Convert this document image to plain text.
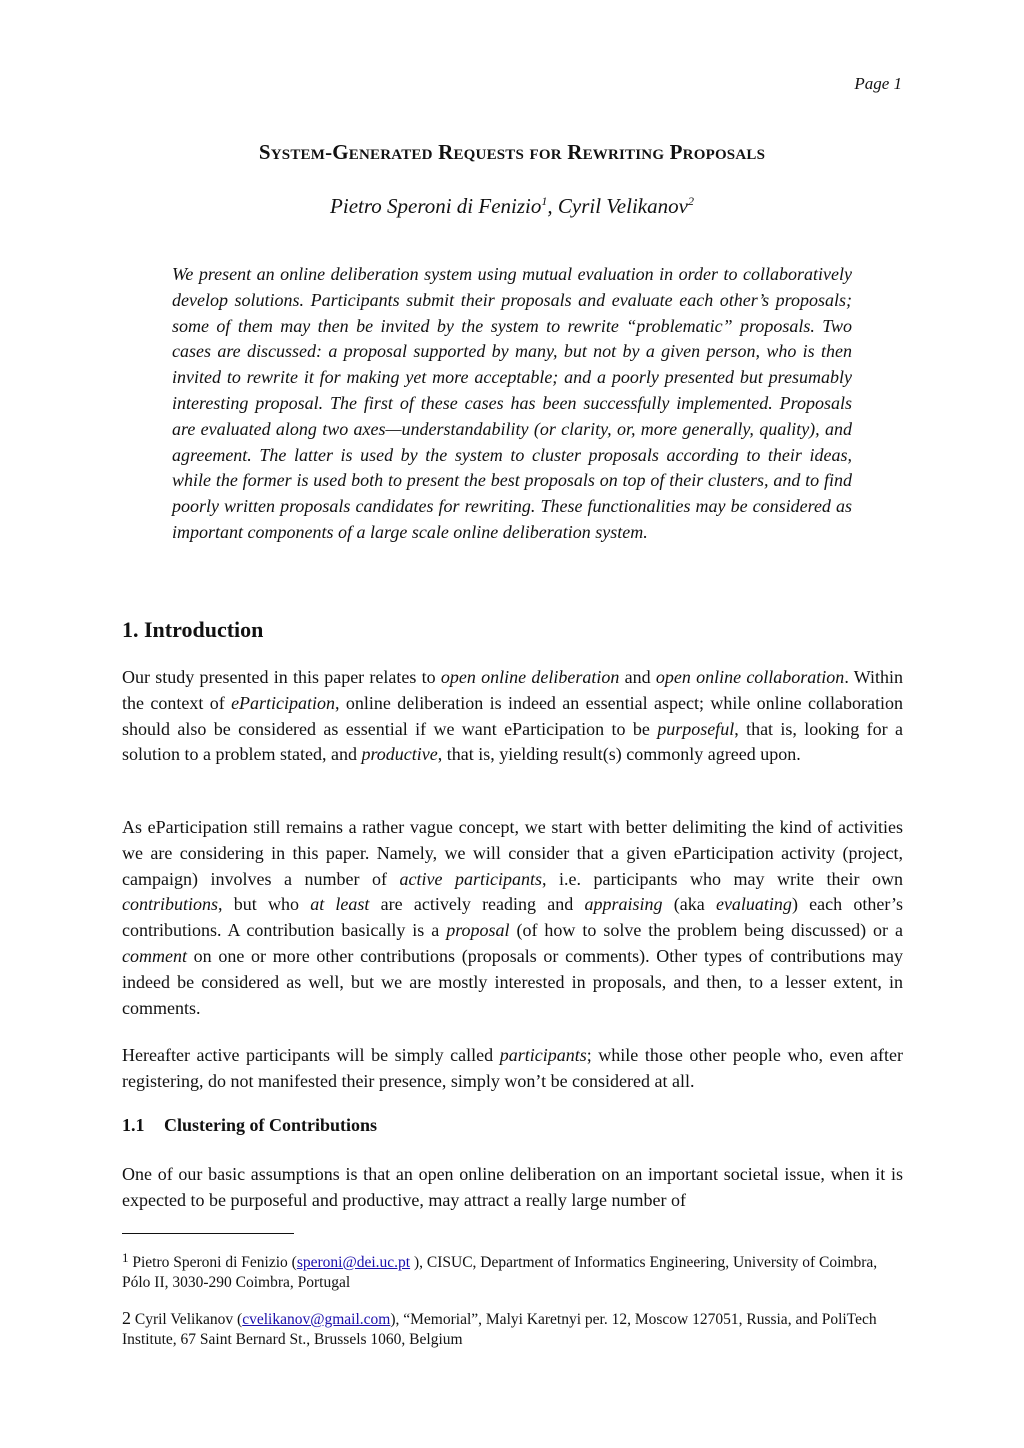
Page 1
System-Generated Requests for Rewriting Proposals
Pietro Speroni di Fenizio$^1$, Cyril Velikanov$^2$
We present an online deliberation system using mutual evaluation in order to collaboratively develop solutions. Participants submit their proposals and evaluate each other’s proposals; some of them may then be invited by the system to rewrite “problematic” proposals. Two cases are discussed: a proposal supported by many, but not by a given person, who is then invited to rewrite it for making yet more acceptable; and a poorly presented but presumably interesting proposal. The first of these cases has been successfully implemented. Proposals are evaluated along two axes—understandability (or clarity, or, more generally, quality), and agreement. The latter is used by the system to cluster proposals according to their ideas, while the former is used both to present the best proposals on top of their clusters, and to find poorly written proposals candidates for rewriting. These functionalities may be considered as important components of a large scale online deliberation system.
1. Introduction
Our study presented in this paper relates to open online deliberation and open online collaboration. Within the context of eParticipation, online deliberation is indeed an essential aspect; while online collaboration should also be considered as essential if we want eParticipation to be purposeful, that is, looking for a solution to a problem stated, and productive, that is, yielding result(s) commonly agreed upon.
As eParticipation still remains a rather vague concept, we start with better delimiting the kind of activities we are considering in this paper. Namely, we will consider that a given eParticipation activity (project, campaign) involves a number of active participants, i.e. participants who may write their own contributions, but who at least are actively reading and appraising (aka evaluating) each other’s contributions. A contribution basically is a proposal (of how to solve the problem being discussed) or a comment on one or more other contributions (proposals or comments). Other types of contributions may indeed be considered as well, but we are mostly interested in proposals, and then, to a lesser extent, in comments.
Hereafter active participants will be simply called participants; while those other people who, even after registering, do not manifested their presence, simply won’t be considered at all.
1.1 Clustering of Contributions
One of our basic assumptions is that an open online deliberation on an important societal issue, when it is expected to be purposeful and productive, may attract a really large number of
$^1$ Pietro Speroni di Fenizio (speroni@dei.uc.pt ), CISUC, Department of Informatics Engineering, University of Coimbra, Pólo II, 3030-290 Coimbra, Portugal
2 Cyril Velikanov (cvelikanov@gmail.com), “Memorial”, Malyi Karetnyi per. 12, Moscow 127051, Russia, and PoliTech Institute, 67 Saint Bernard St., Brussels 1060, Belgium
